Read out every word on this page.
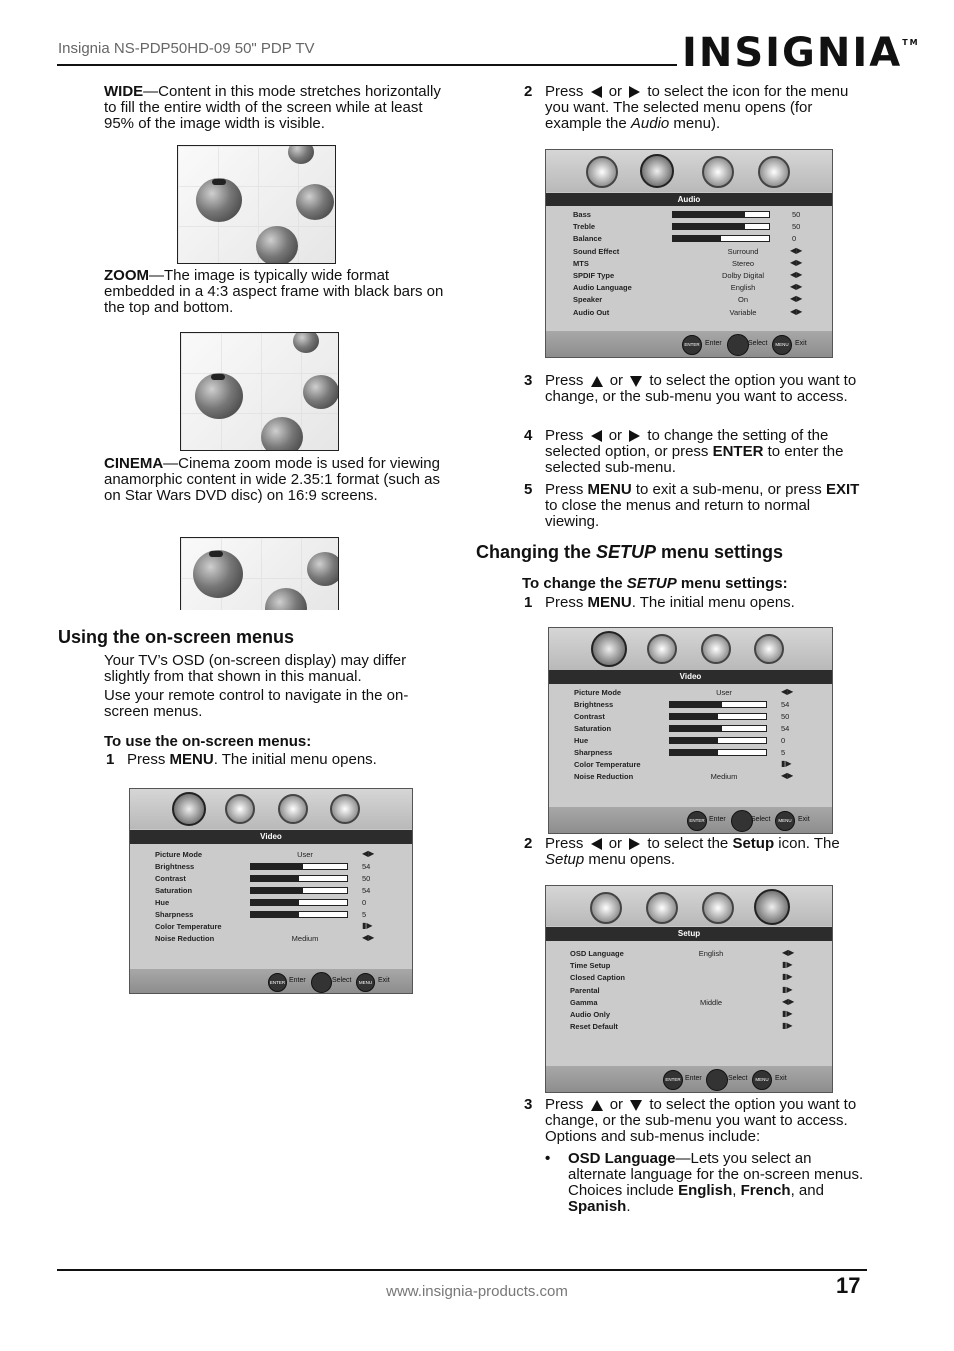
Insignia NS-PDP50HD-09 50" PDP TV	INSIGNIA™
WIDE—Content in this mode stretches horizontally to fill the entire width of the screen while at least 95% of the image width is visible.
ZOOM—The image is typically wide format embedded in a 4:3 aspect frame with black bars on the top and bottom.
CINEMA—Cinema zoom mode is used for viewing anamorphic content in wide 2.35:1 format (such as on Star Wars DVD disc) on 16:9 screens.
Using the on-screen menus
Your TV’s OSD (on-screen display) may differ slightly from that shown in this manual.
Use your remote control to navigate in the on-screen menus.
To use the on-screen menus:
1 Press MENU. The initial menu opens.
Video
Picture Mode	User	◀▶
Brightness	54
Contrast	50
Saturation	54
Hue	0
Sharpness	5
Color Temperature	▮▶
Noise Reduction	Medium	◀▶
ENTER Enter	Select	MENU Exit
2 Press or to select the icon for the menu you want. The selected menu opens (for example the Audio menu).
Audio
Bass	50
Treble	50
Balance	0
Sound Effect	Surround	◀▶
MTS	Stereo	◀▶
SPDIF Type	Dolby Digital	◀▶
Audio Language	English	◀▶
Speaker	On	◀▶
Audio Out	Variable	◀▶
ENTER Enter	Select	MENU Exit
3 Press or to select the option you want to change, or the sub-menu you want to access.
4 Press or to change the setting of the selected option, or press ENTER to enter the selected sub-menu.
5 Press MENU to exit a sub-menu, or press EXIT to close the menus and return to normal viewing.
Changing the SETUP menu settings
To change the SETUP menu settings:
1 Press MENU. The initial menu opens.
Video
Picture Mode	User	◀▶
Brightness	54
Contrast	50
Saturation	54
Hue	0
Sharpness	5
Color Temperature	▮▶
Noise Reduction	Medium	◀▶
ENTER Enter	Select	MENU Exit
2 Press or to select the Setup icon. The Setup menu opens.
Setup
OSD Language	English	◀▶
Time Setup	▮▶
Closed Caption	▮▶
Parental	▮▶
Gamma	Middle	◀▶
Audio Only	▮▶
Reset Default	▮▶
ENTER Enter	Select	MENU Exit
3 Press or to select the option you want to change, or the sub-menu you want to access. Options and sub-menus include:
• OSD Language—Lets you select an alternate language for the on-screen menus. Choices include English, French, and Spanish.
www.insignia-products.com	17
